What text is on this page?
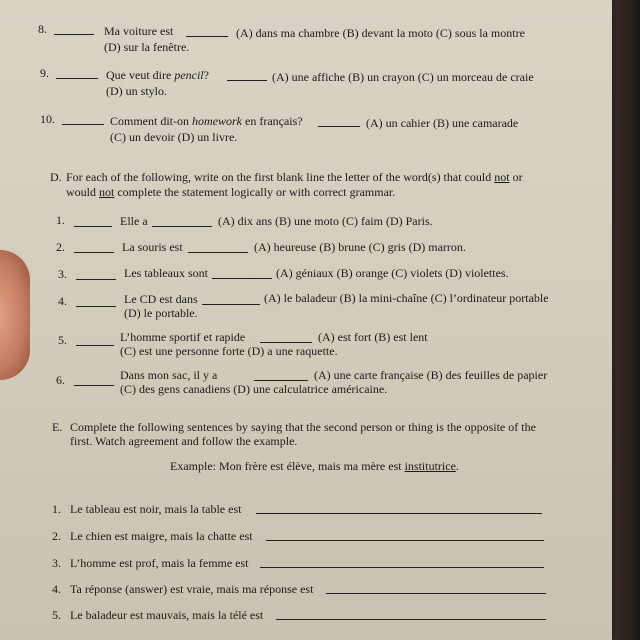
8.	Ma voiture est	(A) dans ma chambre (B) devant la moto (C) sous la montre
(D) sur la fenêtre.
9.	Que veut dire pencil?	(A) une affiche (B) un crayon (C) un morceau de craie
(D) un stylo.
10.	Comment dit-on homework en français?	(A) un cahier (B) une camarade
(C) un devoir (D) un livre.
D. For each of the following, write on the first blank line the letter of the word(s) that could not or
would not complete the statement logically or with correct grammar.
1.	Elle a	(A) dix ans (B) une moto (C) faim (D) Paris.
2.	La souris est	(A) heureuse (B) brune (C) gris (D) marron.
3.	Les tableaux sont	(A) géniaux (B) orange (C) violets (D) violettes.
4.	Le CD est dans	(A) le baladeur (B) la mini-chaîne (C) l’ordinateur portable
(D) le portable.
5.	L’homme sportif et rapide	(A) est fort (B) est lent
(C) est une personne forte (D) a une raquette.
6.	Dans mon sac, il y a	(A) une carte française (B) des feuilles de papier
(C) des gens canadiens (D) une calculatrice américaine.
E. Complete the following sentences by saying that the second person or thing is the opposite of the
first. Watch agreement and follow the example.
Example: Mon frère est élève, mais ma mère est institutrice.
1. Le tableau est noir, mais la table est
2. Le chien est maigre, mais la chatte est
3. L’homme est prof, mais la femme est
4. Ta réponse (answer) est vraie, mais ma réponse est
5. Le baladeur est mauvais, mais la télé est
